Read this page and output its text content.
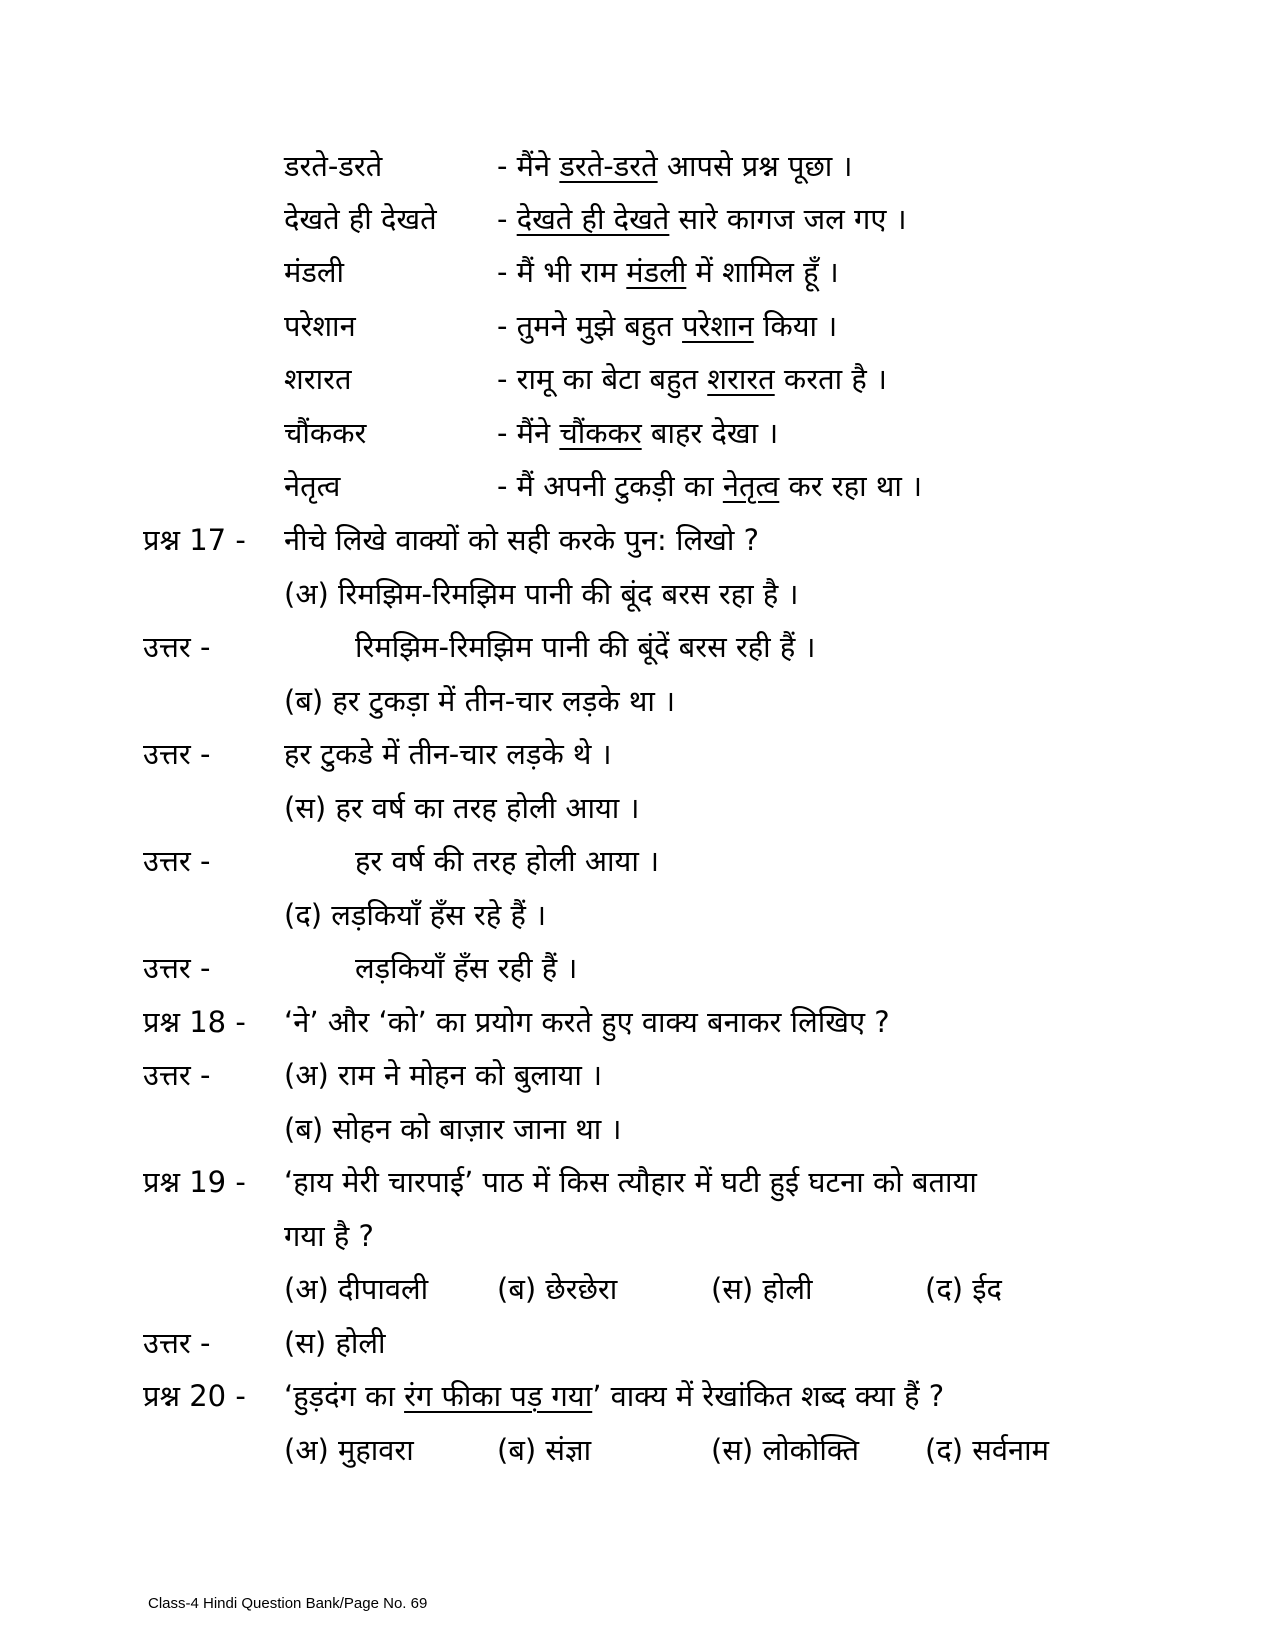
डरते-डरते	- मैंने डरते-डरते आपसे प्रश्न पूछा ।
देखते ही देखते - देखते ही देखते सारे कागज जल गए ।
मंडली	- मैं भी राम मंडली में शामिल हूँ ।
परेशान	- तुमने मुझे बहुत परेशान किया ।
शरारत	- रामू का बेटा बहुत शरारत करता है ।
चौंककर	- मैंने चौंककर बाहर देखा ।
नेतृत्व	- मैं अपनी टुकड़ी का नेतृत्व कर रहा था ।
प्रश्न 17 - नीचे लिखे वाक्यों को सही करके पुन: लिखो ?
(अ) रिमझिम-रिमझिम पानी की बूंद बरस रहा है ।
उत्तर -	रिमझिम-रिमझिम पानी की बूंदें बरस रही हैं ।
(ब) हर टुकड़ा में तीन-चार लड़के था ।
उत्तर -	हर टुकडे में तीन-चार लड़के थे ।
(स) हर वर्ष का तरह होली आया ।
उत्तर -	हर वर्ष की तरह होली आया ।
(द) लड़कियाँ हँस रहे हैं ।
उत्तर -	लड़कियाँ हँस रही हैं ।
प्रश्न 18 - ‘ने’ और ‘को’ का प्रयोग करते हुए वाक्य बनाकर लिखिए ?
उत्तर -	(अ) राम ने मोहन को बुलाया ।
(ब) सोहन को बाज़ार जाना था ।
प्रश्न 19 - ‘हाय मेरी चारपाई’ पाठ में किस त्यौहार में घटी हुई घटना को बताया
गया है ?
(अ) दीपावली (ब) छेरछेरा	(स) होली	(द) ईद
उत्तर -	(स) होली
प्रश्न 20 - ‘हुड़दंग का रंग फीका पड़ गया’ वाक्य में रेखांकित शब्द क्या हैं ?
(अ) मुहावरा	(ब) संज्ञा	(स) लोकोक्ति (द) सर्वनाम
Class-4 Hindi Question Bank/Page No. 69
